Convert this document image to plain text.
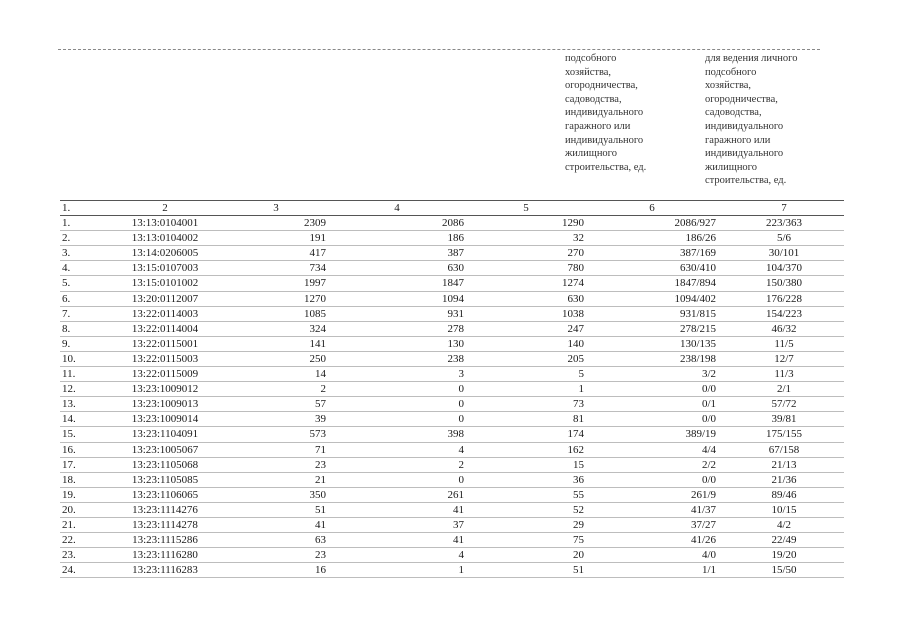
подсобного
хозяйства,
огородничества,
садоводства,
индивидуального
гаражного или
индивидуального
жилищного
строительства, ед.
для ведения личного
подсобного
хозяйства,
огородничества,
садоводства,
индивидуального
гаражного или
индивидуального
жилищного
строительства, ед.
1.	2	3	4	5	6	7
1.	13:13:0104001	2309	2086	1290	2086/927	223/363
2.	13:13:0104002	191	186	32	186/26	5/6
3.	13:14:0206005	417	387	270	387/169	30/101
4.	13:15:0107003	734	630	780	630/410	104/370
5.	13:15:0101002	1997	1847	1274	1847/894	150/380
6.	13:20:0112007	1270	1094	630	1094/402	176/228
7.	13:22:0114003	1085	931	1038	931/815	154/223
8.	13:22:0114004	324	278	247	278/215	46/32
9.	13:22:0115001	141	130	140	130/135	11/5
10.	13:22:0115003	250	238	205	238/198	12/7
11.	13:22:0115009	14	3	5	3/2	11/3
12.	13:23:1009012	2	0	1	0/0	2/1
13.	13:23:1009013	57	0	73	0/1	57/72
14.	13:23:1009014	39	0	81	0/0	39/81
15.	13:23:1104091	573	398	174	389/19	175/155
16.	13:23:1005067	71	4	162	4/4	67/158
17.	13:23:1105068	23	2	15	2/2	21/13
18.	13:23:1105085	21	0	36	0/0	21/36
19.	13:23:1106065	350	261	55	261/9	89/46
20.	13:23:1114276	51	41	52	41/37	10/15
21.	13:23:1114278	41	37	29	37/27	4/2
22.	13:23:1115286	63	41	75	41/26	22/49
23.	13:23:1116280	23	4	20	4/0	19/20
24.	13:23:1116283	16	1	51	1/1	15/50
